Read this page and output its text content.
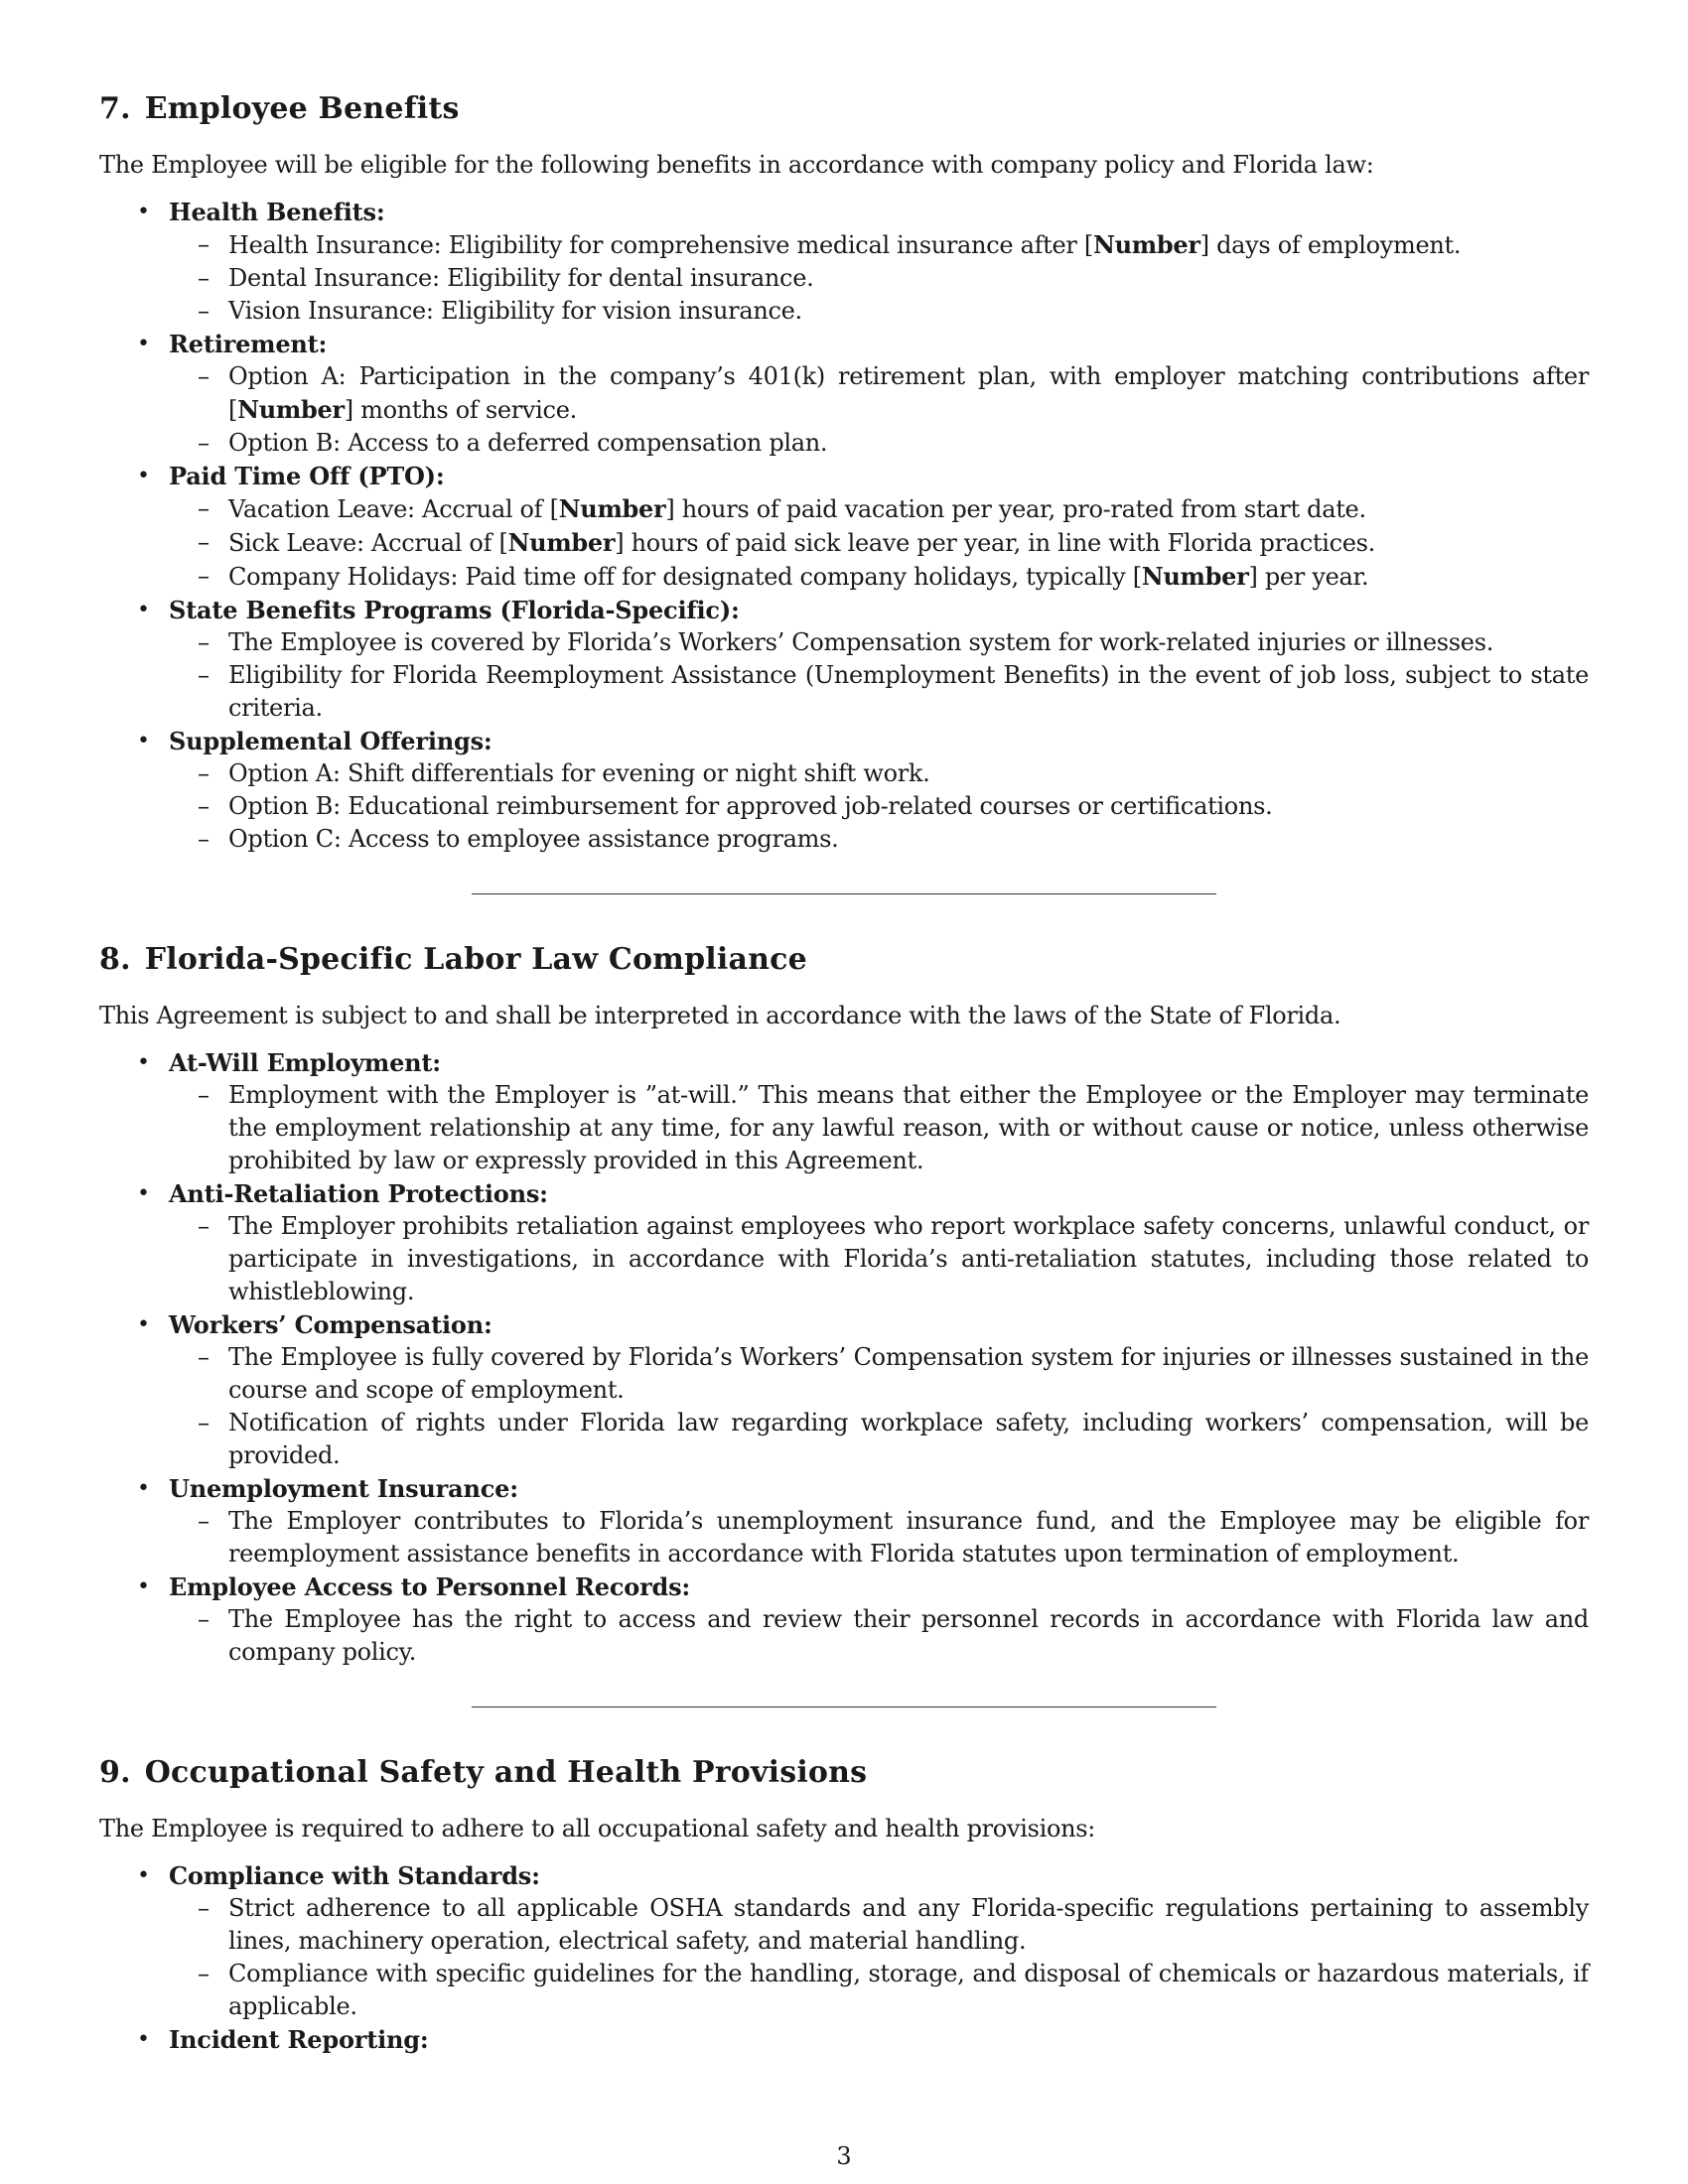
7. Employee Benefits

The Employee will be eligible for the following benefits in accordance with company policy and Florida law:

• Health Benefits:
– Health Insurance: Eligibility for comprehensive medical insurance after [Number] days of employment.
– Dental Insurance: Eligibility for dental insurance.
– Vision Insurance: Eligibility for vision insurance.
• Retirement:
– Option A: Participation in the company’s 401(k) retirement plan, with employer matching contributions after [Number] months of service.
– Option B: Access to a deferred compensation plan.
• Paid Time Off (PTO):
– Vacation Leave: Accrual of [Number] hours of paid vacation per year, pro-rated from start date.
– Sick Leave: Accrual of [Number] hours of paid sick leave per year, in line with Florida practices.
– Company Holidays: Paid time off for designated company holidays, typically [Number] per year.
• State Benefits Programs (Florida-Specific):
– The Employee is covered by Florida’s Workers’ Compensation system for work-related injuries or illnesses.
– Eligibility for Florida Reemployment Assistance (Unemployment Benefits) in the event of job loss, subject to state criteria.
• Supplemental Offerings:
– Option A: Shift differentials for evening or night shift work.
– Option B: Educational reimbursement for approved job-related courses or certifications.
– Option C: Access to employee assistance programs.
8. Florida-Specific Labor Law Compliance

This Agreement is subject to and shall be interpreted in accordance with the laws of the State of Florida.

• At-Will Employment:
– Employment with the Employer is ”at-will.” This means that either the Employee or the Employer may terminate the employment relationship at any time, for any lawful reason, with or without cause or notice, unless otherwise prohibited by law or expressly provided in this Agreement.
• Anti-Retaliation Protections:
– The Employer prohibits retaliation against employees who report workplace safety concerns, unlawful conduct, or participate in investigations, in accordance with Florida’s anti-retaliation statutes, including those related to whistleblowing.
• Workers’ Compensation:
– The Employee is fully covered by Florida’s Workers’ Compensation system for injuries or illnesses sustained in the course and scope of employment.
– Notification of rights under Florida law regarding workplace safety, including workers’ compensation, will be provided.
• Unemployment Insurance:
– The Employer contributes to Florida’s unemployment insurance fund, and the Employee may be eligible for reemployment assistance benefits in accordance with Florida statutes upon termination of employment.
• Employee Access to Personnel Records:
– The Employee has the right to access and review their personnel records in accordance with Florida law and company policy.
9. Occupational Safety and Health Provisions

The Employee is required to adhere to all occupational safety and health provisions:

• Compliance with Standards:
– Strict adherence to all applicable OSHA standards and any Florida-specific regulations pertaining to assembly lines, machinery operation, electrical safety, and material handling.
– Compliance with specific guidelines for the handling, storage, and disposal of chemicals or hazardous materials, if applicable.
• Incident Reporting:
3
